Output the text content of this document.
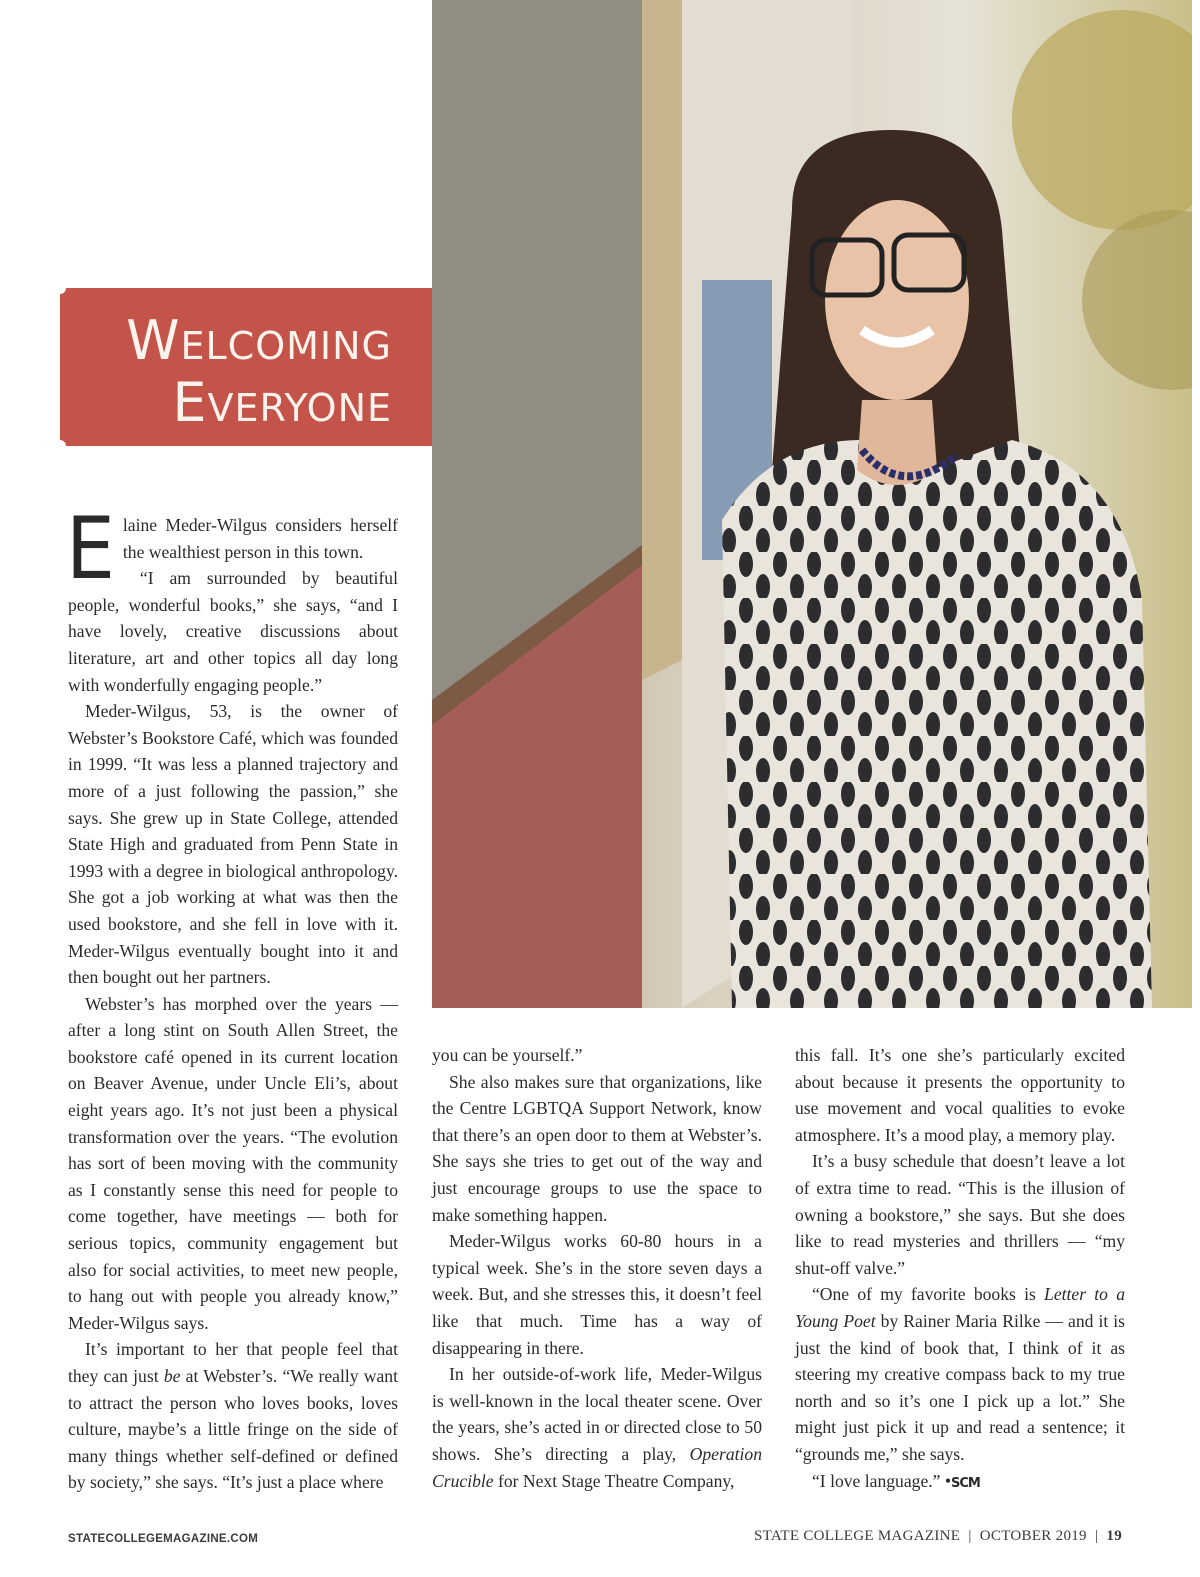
Welcoming
Everyone

Elaine Meder-Wilgus considers herself the wealthiest person in this town.

“I am surrounded by beautiful people, wonderful books,” she says, “and I have lovely, creative discussions about literature, art and other topics all day long with wonderfully engaging people.”

Meder-Wilgus, 53, is the owner of Webster’s Bookstore Café, which was founded in 1999. “It was less a planned trajectory and more of a just following the passion,” she says. She grew up in State College, attended State High and graduated from Penn State in 1993 with a degree in biological anthropology. She got a job working at what was then the used bookstore, and she fell in love with it. Meder-Wilgus eventually bought into it and then bought out her partners.

Webster’s has morphed over the years — after a long stint on South Allen Street, the bookstore café opened in its current location on Beaver Avenue, under Uncle Eli’s, about eight years ago. It’s not just been a physical transformation over the years. “The evolution has sort of been moving with the community as I constantly sense this need for people to come together, have meetings — both for serious topics, community engagement but also for social activities, to meet new people, to hang out with people you already know,” Meder-Wilgus says.

It’s important to her that people feel that they can just be at Webster’s. “We really want to attract the person who loves books, loves culture, maybe’s a little fringe on the side of many things whether self-defined or defined by society,” she says. “It’s just a place where

you can be yourself.”

She also makes sure that organizations, like the Centre LGBTQA Support Network, know that there’s an open door to them at Webster’s. She says she tries to get out of the way and just encourage groups to use the space to make something happen.

Meder-Wilgus works 60-80 hours in a typical week. She’s in the store seven days a week. But, and she stresses this, it doesn’t feel like that much. Time has a way of disappearing in there.

In her outside-of-work life, Meder-Wilgus is well-known in the local theater scene. Over the years, she’s acted in or directed close to 50 shows. She’s directing a play, Operation Crucible for Next Stage Theatre Company,

this fall. It’s one she’s particularly excited about because it presents the opportunity to use movement and vocal qualities to evoke atmosphere. It’s a mood play, a memory play.

It’s a busy schedule that doesn’t leave a lot of extra time to read. “This is the illusion of owning a bookstore,” she says. But she does like to read mysteries and thrillers — “my shut-off valve.”

“One of my favorite books is Letter to a Young Poet by Rainer Maria Rilke — and it is just the kind of book that, I think of it as steering my creative compass back to my true north and so it’s one I pick up a lot.” She might just pick it up and read a sentence; it “grounds me,” she says.

“I love language.” •SCM

STATECOLLEGEMAGAZINE.COM	STATE COLLEGE MAGAZINE | OCTOBER 2019 | 19
